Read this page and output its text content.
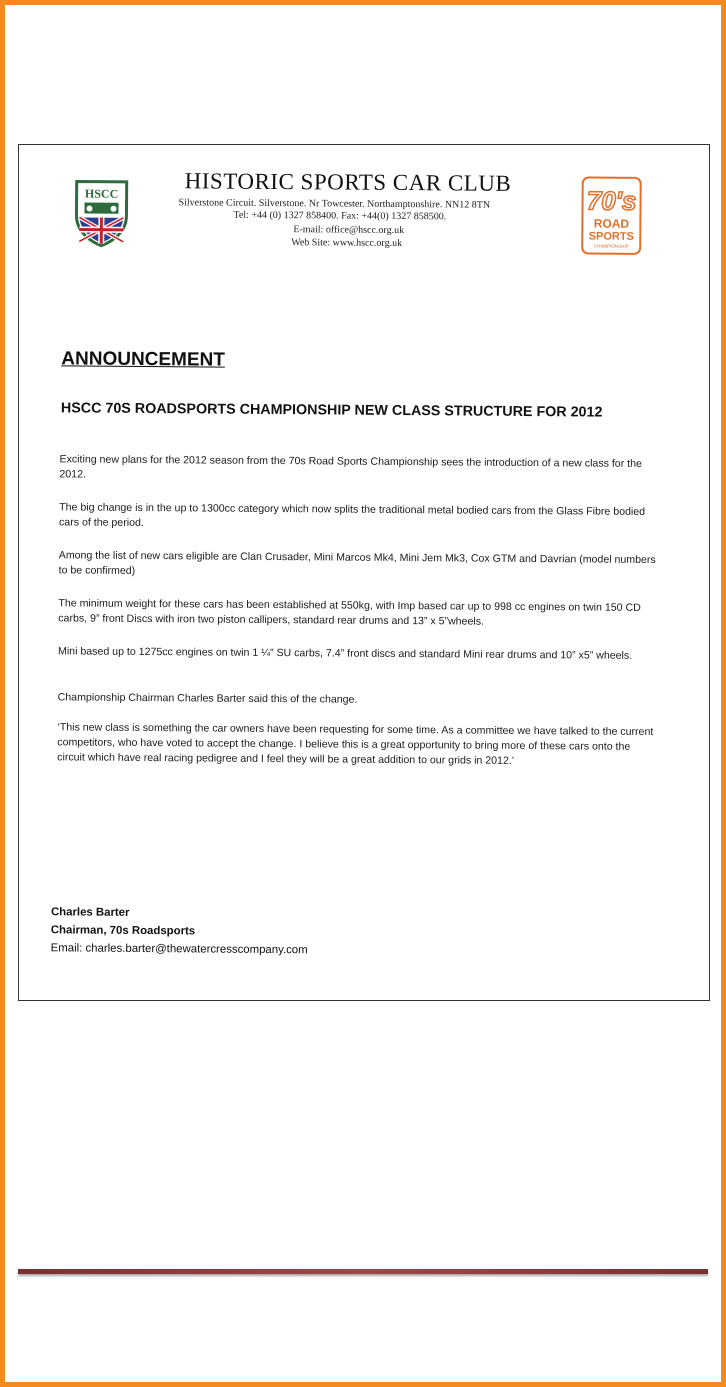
HSCC	HISTORIC SPORTS CAR CLUB
Silverstone Circuit. Silverstone. Nr Towcester. Northamptonshire. NN12 8TN
Tel: +44 (0) 1327 858400. Fax: +44(0) 1327 858500.
E-mail: office@hscc.org.uk
Web Site: www.hscc.org.uk
70's
ROAD
SPORTS
CHAMPIONSHIP
ANNOUNCEMENT
HSCC 70S ROADSPORTS CHAMPIONSHIP NEW CLASS STRUCTURE FOR 2012
Exciting new plans for the 2012 season from the 70s Road Sports Championship sees the introduction of a new class for the 2012.
The big change is in the up to 1300cc category which now splits the traditional metal bodied cars from the Glass Fibre bodied cars of the period.
Among the list of new cars eligible are Clan Crusader, Mini Marcos Mk4, Mini Jem Mk3, Cox GTM and Davrian (model numbers to be confirmed)
The minimum weight for these cars has been established at 550kg, with Imp based car up to 998 cc engines on twin 150 CD carbs, 9” front Discs with iron two piston callipers, standard rear drums and 13” x 5”wheels.
Mini based up to 1275cc engines on twin 1 ¼” SU carbs, 7.4” front discs and standard Mini rear drums and 10” x5” wheels.
Championship Chairman Charles Barter said this of the change.
‘This new class is something the car owners have been requesting for some time. As a committee we have talked to the current competitors, who have voted to accept the change. I believe this is a great opportunity to bring more of these cars onto the circuit which have real racing pedigree and I feel they will be a great addition to our grids in 2012.’
Charles Barter
Chairman, 70s Roadsports
Email: charles.barter@thewatercresscompany.com
